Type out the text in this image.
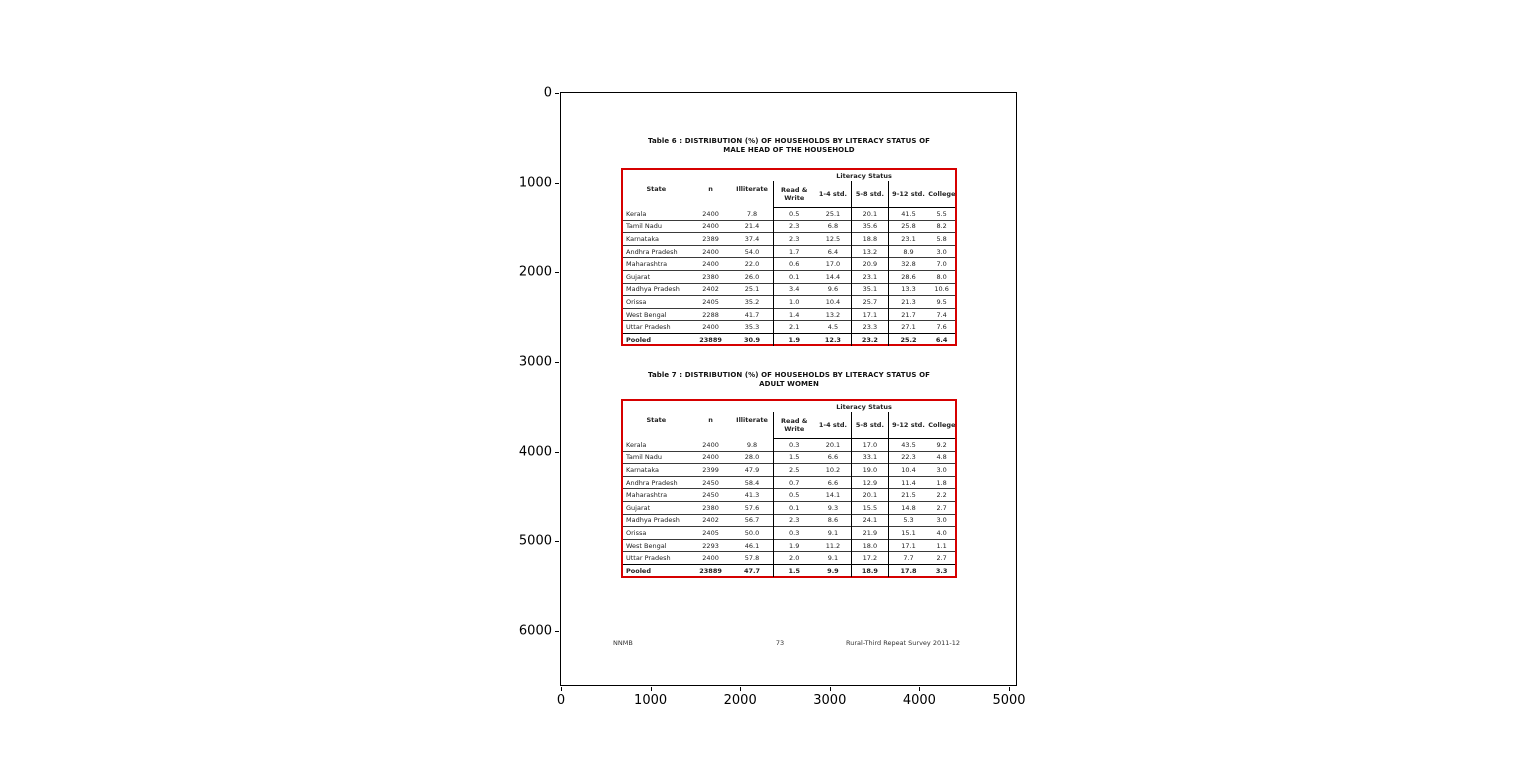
Table 6 : DISTRIBUTION (%) OF HOUSEHOLDS BY LITERACY STATUS OF
MALE HEAD OF THE HOUSEHOLD
State	n	Illiterate	Literacy Status				
			Read & Write	1-4 std.	5-8 std.	9-12 std.	College
Kerala	2400	7.8	0.5	25.1	20.1	41.5	5.5
Tamil Nadu	2400	21.4	2.3	6.8	35.6	25.8	8.2
Karnataka	2389	37.4	2.3	12.5	18.8	23.1	5.8
Andhra Pradesh	2400	54.0	1.7	6.4	13.2	8.9	3.0
Maharashtra	2400	22.0	0.6	17.0	20.9	32.8	7.0
Gujarat	2380	26.0	0.1	14.4	23.1	28.6	8.0
Madhya Pradesh	2402	25.1	3.4	9.6	35.1	13.3	10.6
Orissa	2405	35.2	1.0	10.4	25.7	21.3	9.5
West Bengal	2288	41.7	1.4	13.2	17.1	21.7	7.4
Uttar Pradesh	2400	35.3	2.1	4.5	23.3	27.1	7.6
Pooled	23889	30.9	1.9	12.3	23.2	25.2	6.4
Table 7 : DISTRIBUTION (%) OF HOUSEHOLDS BY LITERACY STATUS OF
ADULT WOMEN
State	n	Illiterate	Literacy Status				
			Read & Write	1-4 std.	5-8 std.	9-12 std.	College
Kerala	2400	9.8	0.3	20.1	17.0	43.5	9.2
Tamil Nadu	2400	28.0	1.5	6.6	33.1	22.3	4.8
Karnataka	2399	47.9	2.5	10.2	19.0	10.4	3.0
Andhra Pradesh	2450	58.4	0.7	6.6	12.9	11.4	1.8
Maharashtra	2450	41.3	0.5	14.1	20.1	21.5	2.2
Gujarat	2380	57.6	0.1	9.3	15.5	14.8	2.7
Madhya Pradesh	2402	56.7	2.3	8.6	24.1	5.3	3.0
Orissa	2405	50.0	0.3	9.1	21.9	15.1	4.0
West Bengal	2293	46.1	1.9	11.2	18.0	17.1	1.1
Uttar Pradesh	2400	57.8	2.0	9.1	17.2	7.7	2.7
Pooled	23889	47.7	1.5	9.9	18.9	17.8	3.3
NNMB	73	Rural-Third Repeat Survey 2011-12
0	1000	2000	3000	4000	5000
0
1000
2000
3000
4000
5000
6000
